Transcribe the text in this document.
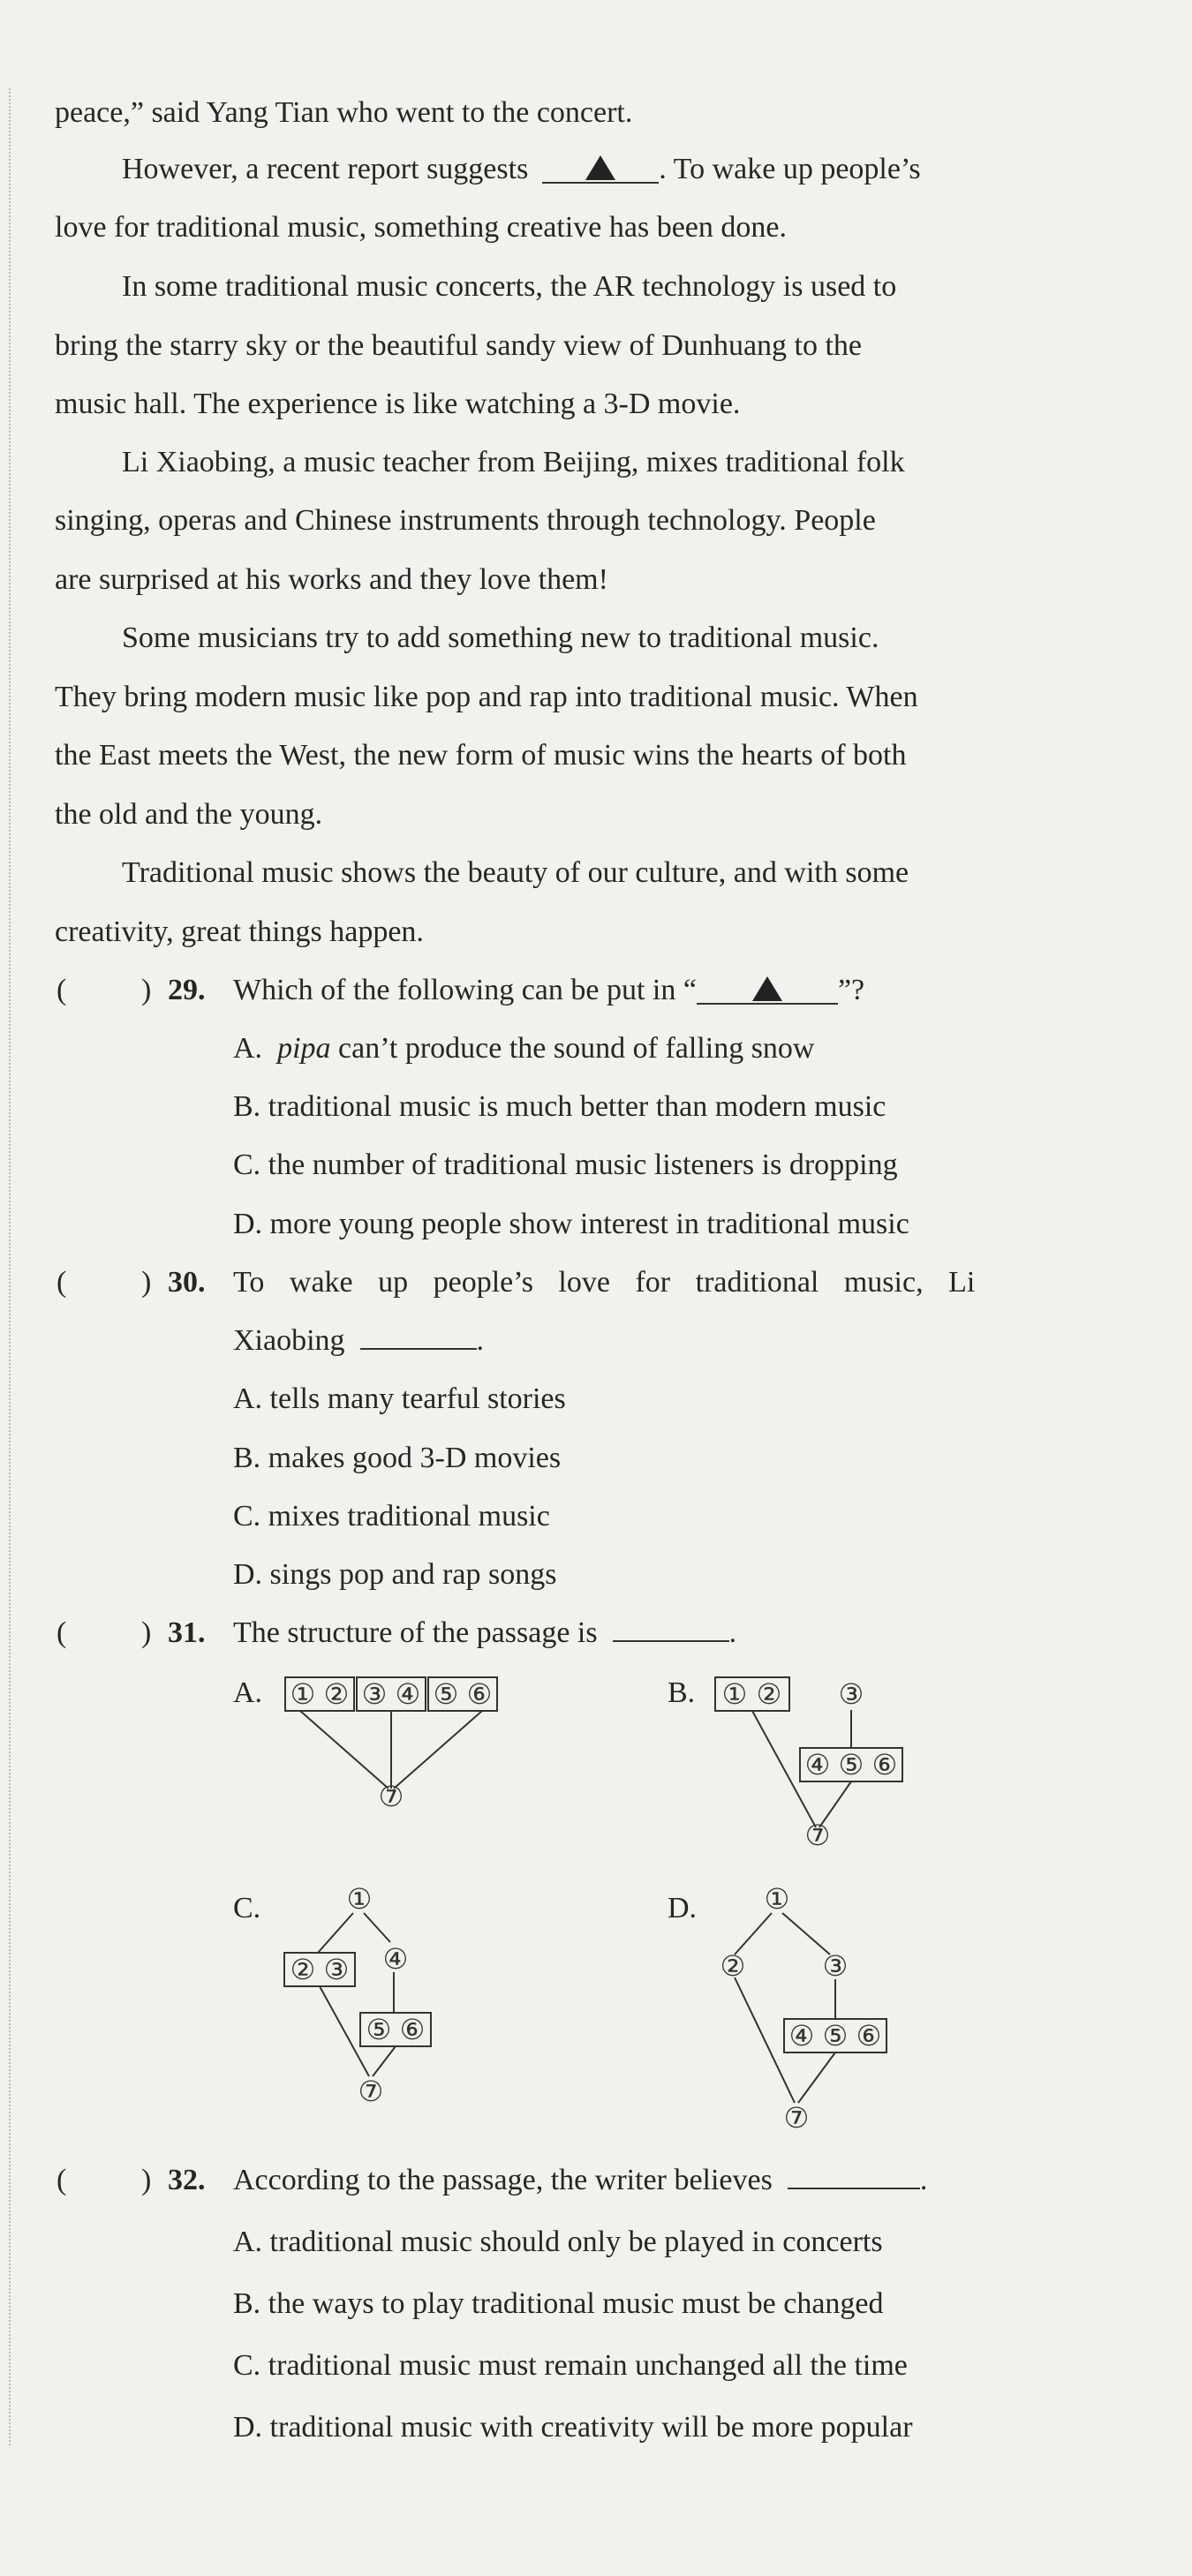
peace,” said Yang Tian who went to the concert.
However, a recent report suggests	. To wake up people’s
love for traditional music, something creative has been done.
In some traditional music concerts, the AR technology is used to
bring the starry sky or the beautiful sandy view of Dunhuang to the
music hall. The experience is like watching a 3-D movie.
Li Xiaobing, a music teacher from Beijing, mixes traditional folk
singing, operas and Chinese instruments through technology. People
are surprised at his works and they love them!
Some musicians try to add something new to traditional music.
They bring modern music like pop and rap into traditional music. When
the East meets the West, the new form of music wins the hearts of both
the old and the young.
Traditional music shows the beauty of our culture, and with some
creativity, great things happen.
( ) 29. Which of the following can be put in “	”?
A. pipa can’t produce the sound of falling snow
B. traditional music is much better than modern music
C. the number of traditional music listeners is dropping
D. more young people show interest in traditional music
( ) 30. To wake up people’s love for traditional music, Li
Xiaobing	.
A. tells many tearful stories
B. makes good 3-D movies
C. mixes traditional music
D. sings pop and rap songs
( ) 31. The structure of the passage is	.
A.	B.
C.	D.
① ② ③ ④ ⑤ ⑥
⑦
① ② ③
④ ⑤ ⑥
⑦
①
② ③ ④
⑤ ⑥
⑦
①
②	③
④ ⑤ ⑥
⑦
( ) 32. According to the passage, the writer believes	.
A. traditional music should only be played in concerts
B. the ways to play traditional music must be changed
C. traditional music must remain unchanged all the time
D. traditional music with creativity will be more popular
